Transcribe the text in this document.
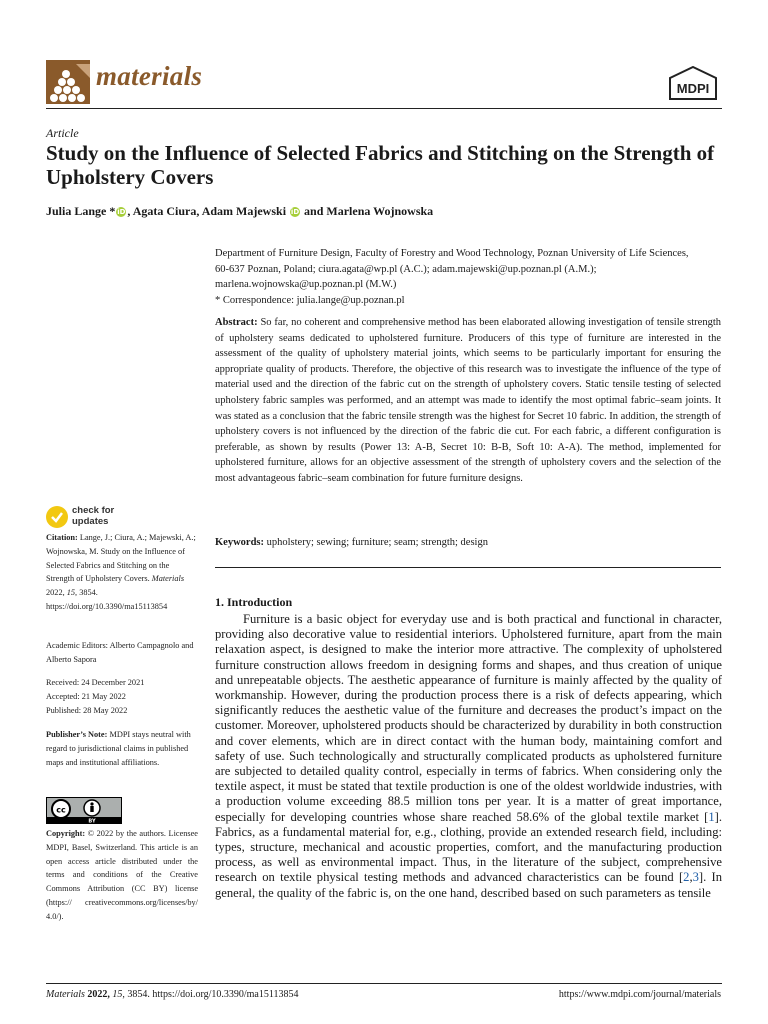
materials	MDPI
Article
Study on the Influence of Selected Fabrics and Stitching on the Strength of Upholstery Covers
Julia Lange * iD , Agata Ciura, Adam Majewski iD and Marlena Wojnowska
Department of Furniture Design, Faculty of Forestry and Wood Technology, Poznan University of Life Sciences,
60-637 Poznan, Poland; ciura.agata@wp.pl (A.C.); adam.majewski@up.poznan.pl (A.M.);
marlena.wojnowska@up.poznan.pl (M.W.)
* Correspondence: julia.lange@up.poznan.pl
Abstract: So far, no coherent and comprehensive method has been elaborated allowing investigation of tensile strength of upholstery seams dedicated to upholstered furniture. Producers of this type of furniture are interested in the assessment of the quality of upholstery material joints, which seems to be particularly important for ensuring the appropriate quality of products. Therefore, the objective of this research was to investigate the influence of the type of material used and the direction of the fabric cut on the strength of upholstery covers. Static tensile testing of selected upholstery fabric samples was performed, and an attempt was made to identify the most optimal fabric–seam joints. It was stated as a conclusion that the fabric tensile strength was the highest for Secret 10 fabric. In addition, the strength of upholstery covers is not influenced by the direction of the fabric die cut. For each fabric, a different configuration is preferable, as shown by results (Power 13: A-B, Secret 10: B-B, Soft 10: A-A). The method, implemented for upholstered furniture, allows for an objective assessment of the strength of upholstery covers and the selection of the most advantageous fabric–seam combination for future furniture designs.
Keywords: upholstery; sewing; furniture; seam; strength; design
1. Introduction
Furniture is a basic object for everyday use and is both practical and functional in character, providing also decorative value to residential interiors. Upholstered furniture, apart from the main relaxation aspect, is designed to make the interior more attractive. The complexity of upholstered furniture construction allows freedom in designing forms and shapes, and thus creation of unique and unrepeatable objects. The aesthetic appearance of furniture is mainly affected by the quality of workmanship. However, during the production process there is a risk of defects appearing, which significantly reduces the aesthetic value of the furniture and decreases the product’s impact on the customer. Moreover, upholstered products should be characterized by durability in both construction and cover elements, which are in direct contact with the human body, maintaining comfort and safety of use. Such technologically and structurally complicated products as upholstered furniture are subjected to detailed quality control, especially in terms of fabrics. When considering only the textile aspect, it must be stated that textile production is one of the oldest worldwide industries, with a production volume exceeding 88.5 million tons per year. It is a matter of great importance, especially for developing countries whose share reached 58.6% of the global textile market [1]. Fabrics, as a fundamental material for, e.g., clothing, provide an extended research field, including: types, structure, mechanical and acoustic properties, comfort, and the manufacturing production process, as well as environmental impact. Thus, in the literature of the subject, comprehensive research on textile physical testing methods and advanced characteristics can be found [2,3]. In general, the quality of the fabric is, on the one hand, described based on such parameters as tensile
check for
updates
Citation: Lange, J.; Ciura, A.; Majewski, A.; Wojnowska, M. Study on the Influence of Selected Fabrics and Stitching on the Strength of Upholstery Covers. Materials 2022, 15, 3854. https://doi.org/10.3390/ma15113854
Academic Editors: Alberto Campagnolo and Alberto Sapora
Received: 24 December 2021
Accepted: 21 May 2022
Published: 28 May 2022
Publisher’s Note: MDPI stays neutral with regard to jurisdictional claims in published maps and institutional affiliations.
cc
BY
Copyright: © 2022 by the authors. Licensee MDPI, Basel, Switzerland. This article is an open access article distributed under the terms and conditions of the Creative Commons Attribution (CC BY) license (https:// creativecommons.org/licenses/by/ 4.0/).
Materials 2022, 15, 3854. https://doi.org/10.3390/ma15113854	https://www.mdpi.com/journal/materials
